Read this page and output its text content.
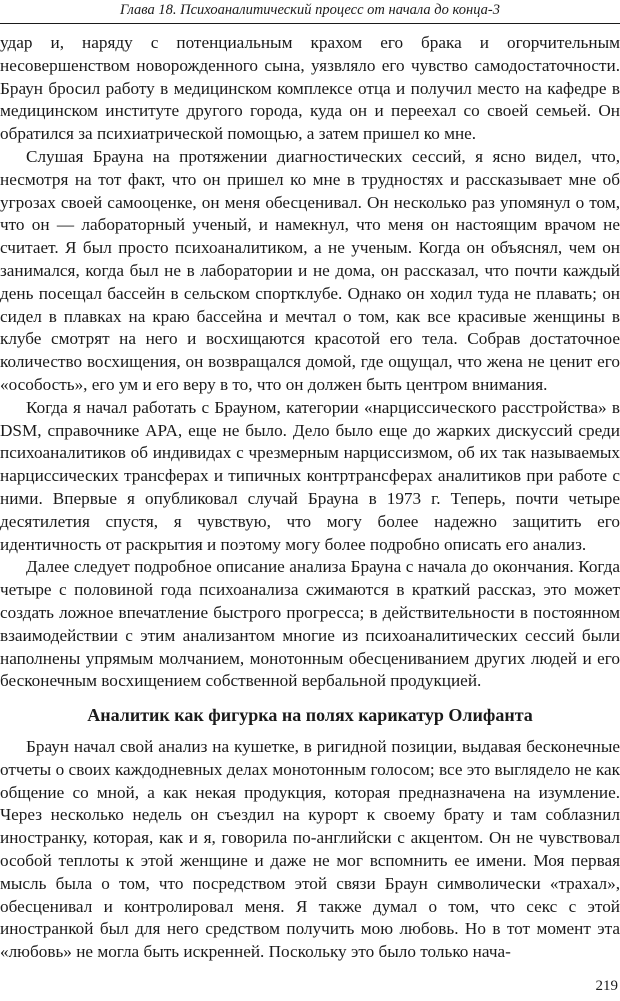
Глава 18. Психоаналитический процесс от начала до конца-3

удар и, наряду с потенциальным крахом его брака и огорчительным несовершенством новорожденного сына, уязвляло его чувство самодостаточности. Браун бросил работу в медицинском комплексе отца и получил место на кафедре в медицинском институте другого города, куда он и переехал со своей семьей. Он обратился за психиатрической помощью, а затем пришел ко мне.

Слушая Брауна на протяжении диагностических сессий, я ясно видел, что, несмотря на тот факт, что он пришел ко мне в трудностях и рассказывает мне об угрозах своей самооценке, он меня обесценивал. Он несколько раз упомянул о том, что он — лабораторный ученый, и намекнул, что меня он настоящим врачом не считает. Я был просто психоаналитиком, а не ученым. Когда он объяснял, чем он занимался, когда был не в лаборатории и не дома, он рассказал, что почти каждый день посещал бассейн в сельском спортклубе. Однако он ходил туда не плавать; он сидел в плавках на краю бассейна и мечтал о том, как все красивые женщины в клубе смотрят на него и восхищаются красотой его тела. Собрав достаточное количество восхищения, он возвращался домой, где ощущал, что жена не ценит его «особость», его ум и его веру в то, что он должен быть центром внимания.

Когда я начал работать с Брауном, категории «нарциссического расстройства» в DSM, справочнике APA, еще не было. Дело было еще до жарких дискуссий среди психоаналитиков об индивидах с чрезмерным нарциссизмом, об их так называемых нарциссических трансферах и типичных контртрансферах аналитиков при работе с ними. Впервые я опубликовал случай Брауна в 1973 г. Теперь, почти четыре десятилетия спустя, я чувствую, что могу более надежно защитить его идентичность от раскрытия и поэтому могу более подробно описать его анализ.

Далее следует подробное описание анализа Брауна с начала до окончания. Когда четыре с половиной года психоанализа сжимаются в краткий рассказ, это может создать ложное впечатление быстрого прогресса; в действительности в постоянном взаимодействии с этим анализантом многие из психоаналитических сессий были наполнены упрямым молчанием, монотонным обесцениванием других людей и его бесконечным восхищением собственной вербальной продукцией.

Аналитик как фигурка на полях карикатур Олифанта

Браун начал свой анализ на кушетке, в ригидной позиции, выдавая бесконечные отчеты о своих каждодневных делах монотонным голосом; все это выглядело не как общение со мной, а как некая продукция, которая предназначена на изумление. Через несколько недель он съездил на курорт к своему брату и там соблазнил иностранку, которая, как и я, говорила по-английски с акцентом. Он не чувствовал особой теплоты к этой женщине и даже не мог вспомнить ее имени. Моя первая мысль была о том, что посредством этой связи Браун символически «трахал», обесценивал и контролировал меня. Я также думал о том, что секс с этой иностранкой был для него средством получить мою любовь. Но в тот момент эта «любовь» не могла быть искренней. Поскольку это было только нача-

219
